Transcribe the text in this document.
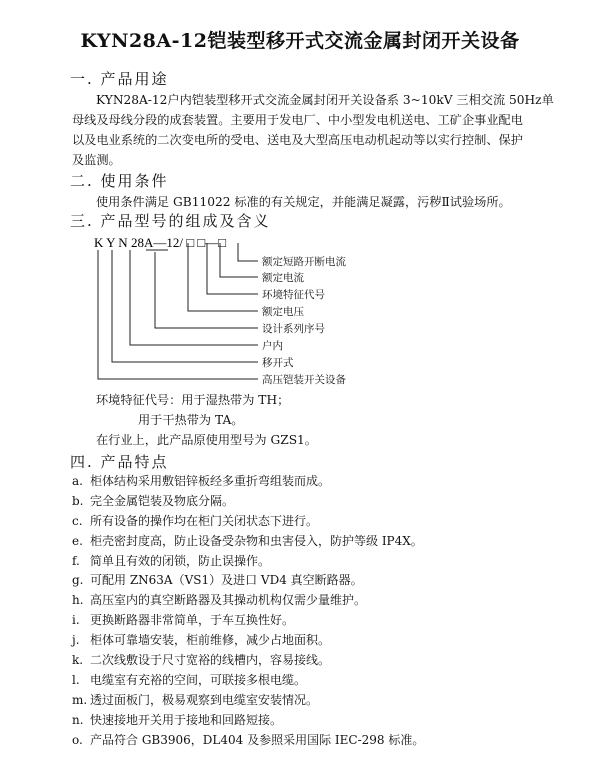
KYN28A-12铠装型移开式交流金属封闭开关设备
一. 产品用途
KYN28A-12户内铠装型移开式交流金属封闭开关设备系 3~10kV 三相交流 50Hz单
母线及母线分段的成套装置。主要用于发电厂、中小型发电机送电、工矿企事业配电
以及电业系统的二次变电所的受电、送电及大型高压电动机起动等以实行控制、保护
及监测。
二. 使用条件
使用条件满足 GB11022 标准的有关规定，并能满足凝露，污秽Ⅱ试验场所。
三. 产品型号的组成及含义
K Y N 28A—12/ □ □—□
额定短路开断电流
额定电流
环境特征代号
额定电压
设计系列序号
户内
移开式
高压铠装开关设备
环境特征代号：用于湿热带为 TH；
用于干热带为 TA。
在行业上，此产品原使用型号为 GZS1。
四. 产品特点
a. 柜体结构采用敷铝锌板经多重折弯组装而成。
b. 完全金属铠装及物底分隔。
c. 所有设备的操作均在柜门关闭状态下进行。
e. 柜壳密封度高，防止设备受杂物和虫害侵入，防护等级 IP4X。
f. 简单且有效的闭锁，防止误操作。
g. 可配用 ZN63A（VS1）及进口 VD4 真空断路器。
h. 高压室内的真空断路器及其操动机构仅需少量维护。
i. 更换断路器非常简单，于车互换性好。
j. 柜体可靠墙安装，柜前维修，减少占地面积。
k. 二次线敷设于尺寸宽裕的线槽内，容易接线。
l. 电缆室有充裕的空间，可联接多根电缆。
m. 透过面板门，极易观察到电缆室安装情况。
n. 快速接地开关用于接地和回路短接。
o. 产品符合 GB3906，DL404 及参照采用国际 IEC-298 标准。
